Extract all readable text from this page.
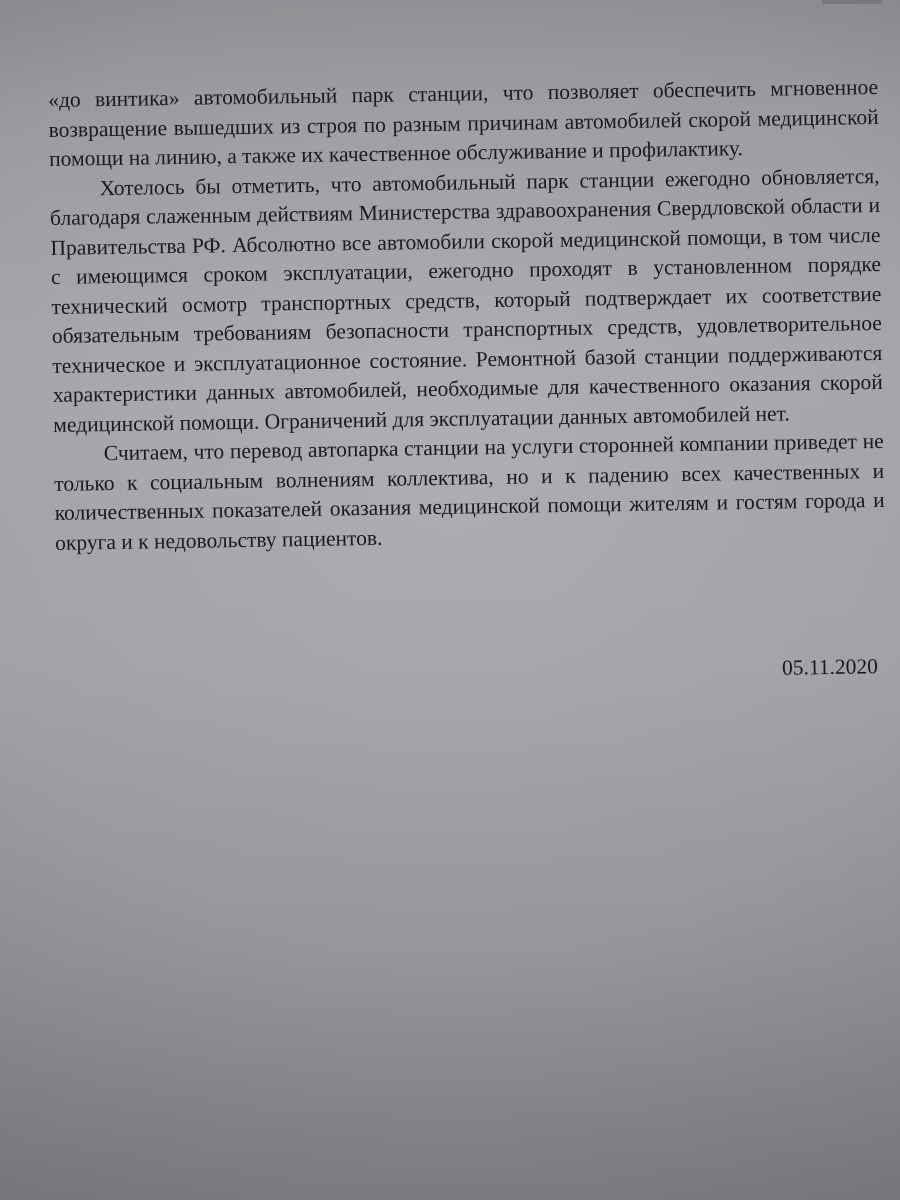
«до винтика» автомобильный парк станции, что позволяет обеспечить мгновенное возвращение вышедших из строя по разным причинам автомобилей скорой медицинской помощи на линию, а также их качественное обслуживание и профилактику.

Хотелось бы отметить, что автомобильный парк станции ежегодно обновляется, благодаря слаженным действиям Министерства здравоохранения Свердловской области и Правительства РФ. Абсолютно все автомобили скорой медицинской помощи, в том числе с имеющимся сроком эксплуатации, ежегодно проходят в установленном порядке технический осмотр транспортных средств, который подтверждает их соответствие обязательным требованиям безопасности транспортных средств, удовлетворительное техническое и эксплуатационное состояние. Ремонтной базой станции поддерживаются характеристики данных автомобилей, необходимые для качественного оказания скорой медицинской помощи. Ограничений для эксплуатации данных автомобилей нет.

Считаем, что перевод автопарка станции на услуги сторонней компании приведет не только к социальным волнениям коллектива, но и к падению всех качественных и количественных показателей оказания медицинской помощи жителям и гостям города и округа и к недовольству пациентов.

05.11.2020
